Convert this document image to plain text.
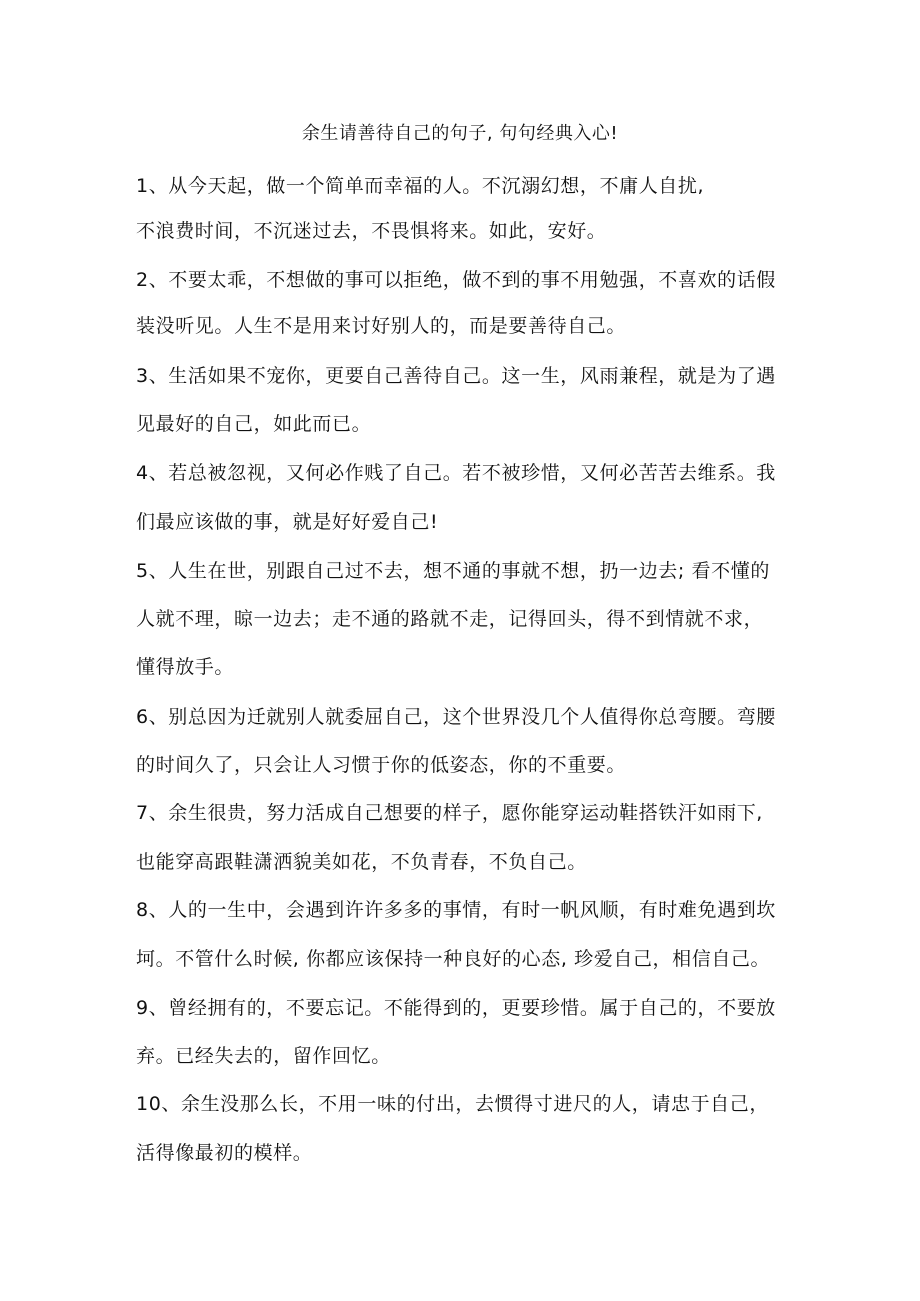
余生请善待自己的句子, 句句经典入心!
1、从今天起，做一个简单而幸福的人。不沉溺幻想，不庸人自扰,
不浪费时间，不沉迷过去，不畏惧将来。如此，安好。
2、不要太乖，不想做的事可以拒绝，做不到的事不用勉强，不喜欢的话假
装没听见。人生不是用来讨好别人的，而是要善待自己。
3、生活如果不宠你，更要自己善待自己。这一生，风雨兼程，就是为了遇
见最好的自己，如此而已。
4、若总被忽视，又何必作贱了自己。若不被珍惜，又何必苦苦去维系。我
们最应该做的事，就是好好爱自己!
5、人生在世，别跟自己过不去，想不通的事就不想，扔一边去; 看不懂的
人就不理，晾一边去；走不通的路就不走，记得回头，得不到情就不求，
懂得放手。
6、别总因为迁就别人就委屈自己，这个世界没几个人值得你总弯腰。弯腰
的时间久了，只会让人习惯于你的低姿态，你的不重要。
7、余生很贵，努力活成自己想要的样子，愿你能穿运动鞋搭铁汗如雨下,
也能穿高跟鞋潇洒貌美如花，不负青春，不负自己。
8、人的一生中，会遇到许许多多的事情，有时一帆风顺，有时难免遇到坎
坷。不管什么时候, 你都应该保持一种良好的心态, 珍爱自己，相信自己。
9、曾经拥有的，不要忘记。不能得到的，更要珍惜。属于自己的，不要放
弃。已经失去的，留作回忆。
10、余生没那么长，不用一味的付出，去惯得寸进尺的人，请忠于自己，
活得像最初的模样。
